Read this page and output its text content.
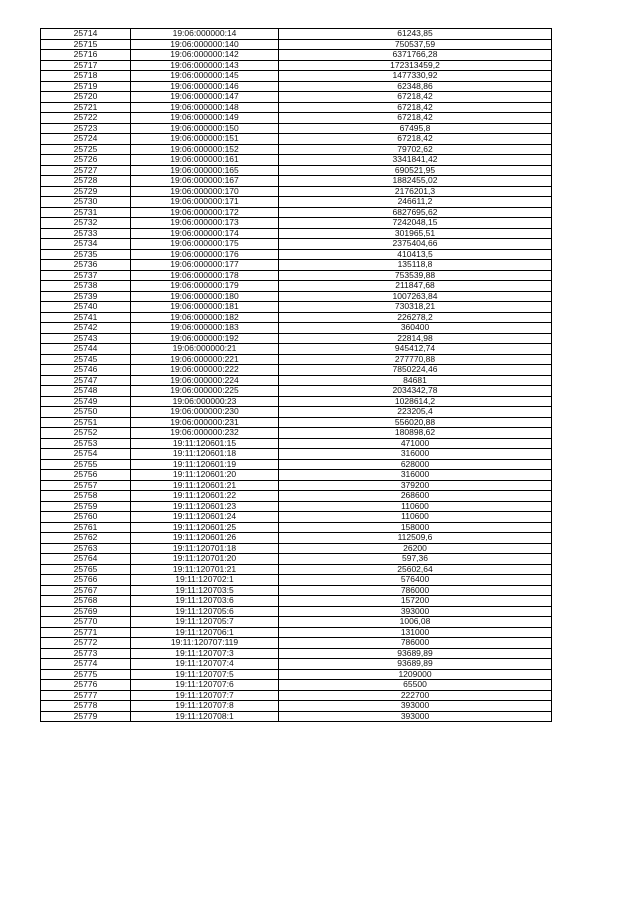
25714	19:06:000000:14	61243,85
25715	19:06:000000:140	750537,59
25716	19:06:000000:142	6371766,28
25717	19:06:000000:143	172313459,2
25718	19:06:000000:145	1477330,92
25719	19:06:000000:146	62348,86
25720	19:06:000000:147	67218,42
25721	19:06:000000:148	67218,42
25722	19:06:000000:149	67218,42
25723	19:06:000000:150	67495,8
25724	19:06:000000:151	67218,42
25725	19:06:000000:152	79702,62
25726	19:06:000000:161	3341841,42
25727	19:06:000000:165	690521,95
25728	19:06:000000:167	1882455,02
25729	19:06:000000:170	2176201,3
25730	19:06:000000:171	246611,2
25731	19:06:000000:172	6827695,62
25732	19:06:000000:173	7242048,15
25733	19:06:000000:174	301965,51
25734	19:06:000000:175	2375404,66
25735	19:06:000000:176	410413,5
25736	19:06:000000:177	135118,8
25737	19:06:000000:178	753539,88
25738	19:06:000000:179	211847,68
25739	19:06:000000:180	1007263,84
25740	19:06:000000:181	730318,21
25741	19:06:000000:182	226278,2
25742	19:06:000000:183	360400
25743	19:06:000000:192	22814,98
25744	19:06:000000:21	945412,74
25745	19:06:000000:221	277770,88
25746	19:06:000000:222	7850224,46
25747	19:06:000000:224	84681
25748	19:06:000000:225	2034342,78
25749	19:06:000000:23	1028614,2
25750	19:06:000000:230	223205,4
25751	19:06:000000:231	556020,88
25752	19:06:000000:232	180898,62
25753	19:11:120601:15	471000
25754	19:11:120601:18	316000
25755	19:11:120601:19	628000
25756	19:11:120601:20	316000
25757	19:11:120601:21	379200
25758	19:11:120601:22	268600
25759	19:11:120601:23	110600
25760	19:11:120601:24	110600
25761	19:11:120601:25	158000
25762	19:11:120601:26	112509,6
25763	19:11:120701:18	26200
25764	19:11:120701:20	597,36
25765	19:11:120701:21	25602,64
25766	19:11:120702:1	576400
25767	19:11:120703:5	786000
25768	19:11:120703:6	157200
25769	19:11:120705:6	393000
25770	19:11:120705:7	1006,08
25771	19:11:120706:1	131000
25772	19:11:120707:119	786000
25773	19:11:120707:3	93689,89
25774	19:11:120707:4	93689,89
25775	19:11:120707:5	1209000
25776	19:11:120707:6	65500
25777	19:11:120707:7	222700
25778	19:11:120707:8	393000
25779	19:11:120708:1	393000
